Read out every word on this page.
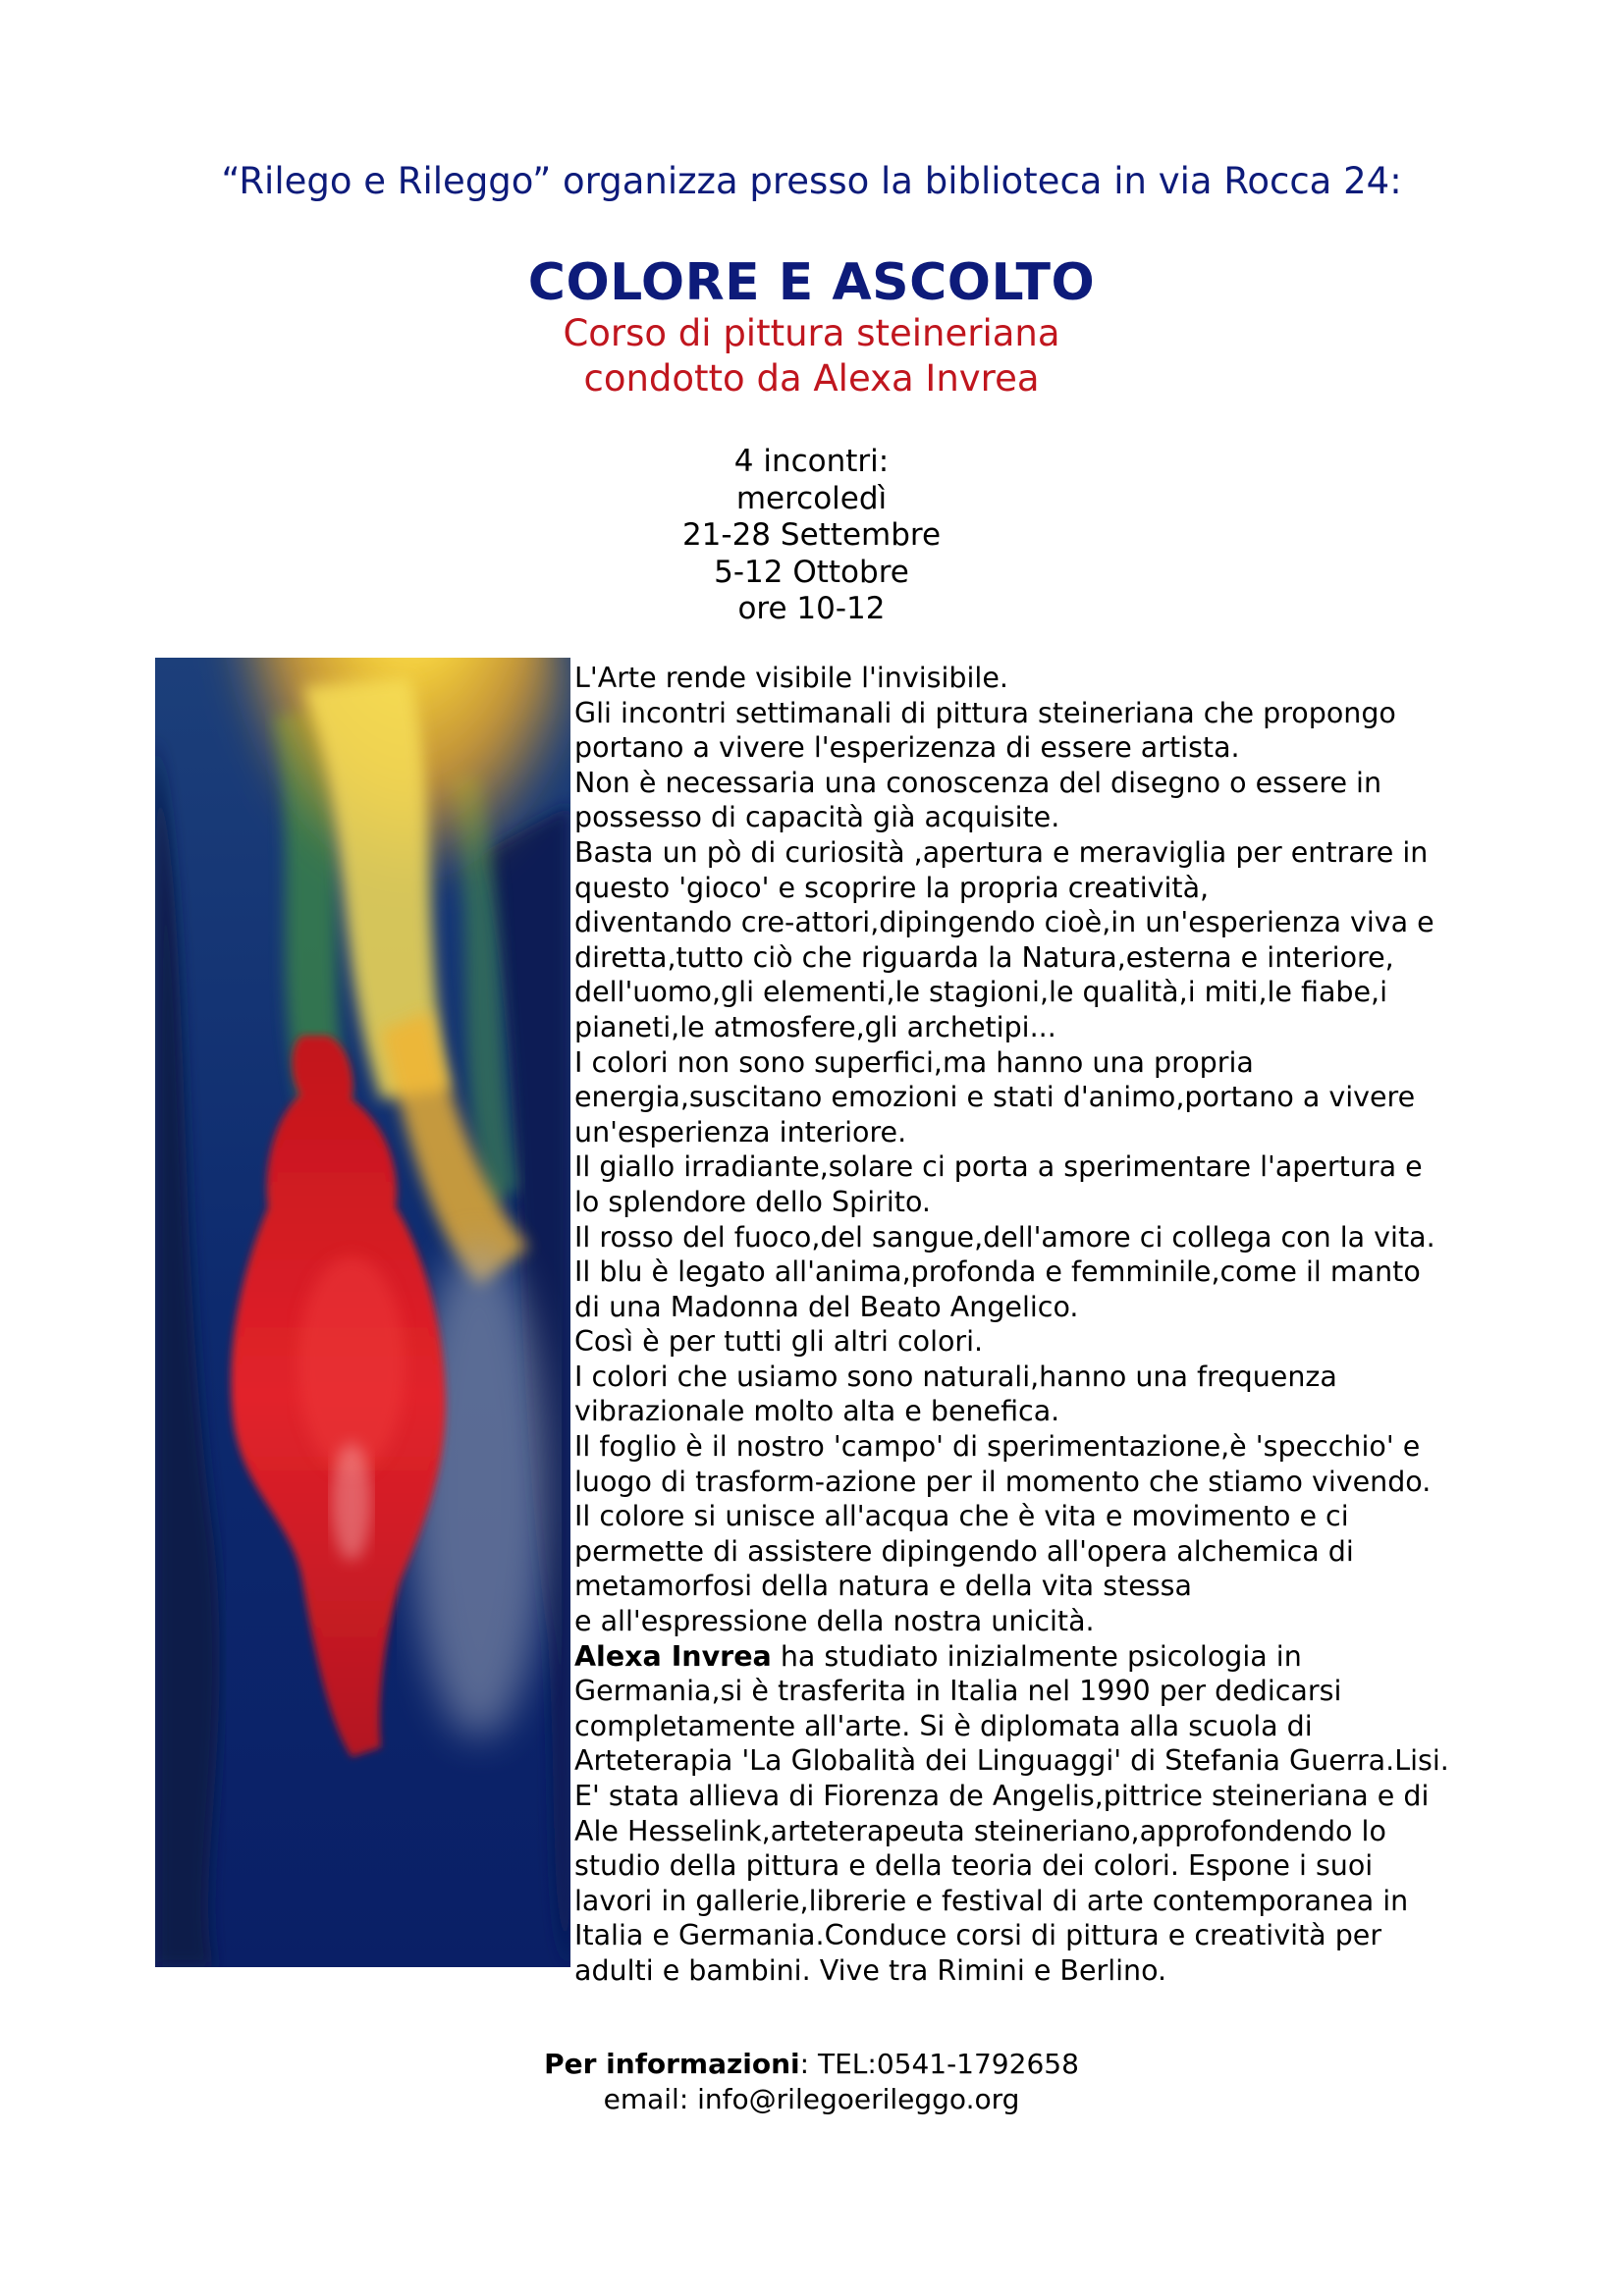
“Rilego e Rileggo” organizza presso la biblioteca in via Rocca 24:
COLORE E ASCOLTO
Corso di pittura steineriana
condotto da Alexa Invrea
4 incontri:
mercoledì
21-28 Settembre
5-12 Ottobre
ore 10-12
L'Arte rende visibile l'invisibile.
Gli incontri settimanali di pittura steineriana che propongo
portano a vivere l'esperizenza di essere artista.
Non è necessaria una conoscenza del disegno o essere in
possesso di capacità già acquisite.
Basta un pò di curiosità ,apertura e meraviglia per entrare in
questo 'gioco' e scoprire la propria creatività,
diventando cre-attori,dipingendo cioè,in un'esperienza viva e
diretta,tutto ciò che riguarda la Natura,esterna e interiore,
dell'uomo,gli elementi,le stagioni,le qualità,i miti,le fiabe,i
pianeti,le atmosfere,gli archetipi...
I colori non sono superfici,ma hanno una propria
energia,suscitano emozioni e stati d'animo,portano a vivere
un'esperienza interiore.
Il giallo irradiante,solare ci porta a sperimentare l'apertura e
lo splendore dello Spirito.
Il rosso del fuoco,del sangue,dell'amore ci collega con la vita.
Il blu è legato all'anima,profonda e femminile,come il manto
di una Madonna del Beato Angelico.
Così è per tutti gli altri colori.
I colori che usiamo sono naturali,hanno una frequenza
vibrazionale molto alta e benefica.
Il foglio è il nostro 'campo' di sperimentazione,è 'specchio' e
luogo di trasform-azione per il momento che stiamo vivendo.
Il colore si unisce all'acqua che è vita e movimento e ci
permette di assistere dipingendo all'opera alchemica di
metamorfosi della natura e della vita stessa
e all'espressione della nostra unicità.
Alexa Invrea ha studiato inizialmente psicologia in
Germania,si è trasferita in Italia nel 1990 per dedicarsi
completamente all'arte. Si è diplomata alla scuola di
Arteterapia 'La Globalità dei Linguaggi' di Stefania Guerra.Lisi.
E' stata allieva di Fiorenza de Angelis,pittrice steineriana e di
Ale Hesselink,arteterapeuta steineriano,approfondendo lo
studio della pittura e della teoria dei colori. Espone i suoi
lavori in gallerie,librerie e festival di arte contemporanea in
Italia e Germania.Conduce corsi di pittura e creatività per
adulti e bambini. Vive tra Rimini e Berlino.
Per informazioni: TEL:0541-1792658
email: info@rilegoerileggo.org
